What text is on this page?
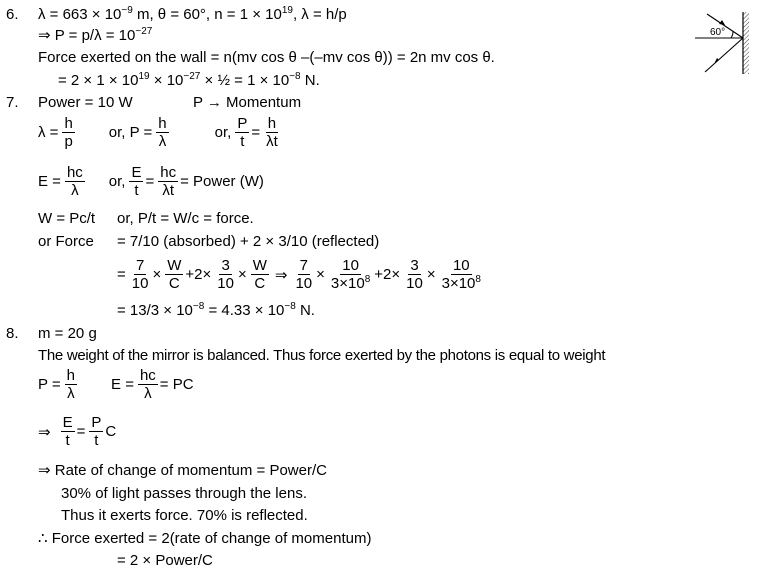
6. $\lambda = 663 \times 10^{-9}$ m, θ = 60°, $n = 1 \times 10^{19}$, λ = h/p
⇒ $P = p/\lambda = 10^{-27}$
Force exerted on the wall = n(mv cos θ –(–mv cos θ)) = 2n mv cos θ.
= $2 \times 1 \times 10^{19} \times 10^{-27}$ × ½ = $1 \times 10^{-8}$ N.
60°
7. Power = 10 W	P → Momentum
$\lambda = \frac{h}{p}$ or, $P = \frac{h}{\lambda}$	or, $\frac{P}{t} = \frac{h}{\lambda t}$
$E = \frac{hc}{\lambda}$ or, $\frac{E}{t} = \frac{hc}{\lambda t}$ = Power (W)
W = Pc/t or, P/t = W/c = force.
or Force = 7/10 (absorbed) + 2 × 3/10 (reflected)
= $\frac{7}{10} \times \frac{W}{C} +2\times \frac{3}{10} \times \frac{W}{C}$ ⇒ $\frac{7}{10} \times \frac{10}{3\times 10^8} +2\times \frac{3}{10} \times \frac{10}{3\times 10^8}$
= $13/3 \times 10^{-8} = 4.33 \times 10^{-8}$ N.
8. m = 20 g
The weight of the mirror is balanced. Thus force exerted by the photons is equal to weight
$P = \frac{h}{\lambda}$ $E = \frac{hc}{\lambda}$ = PC
⇒ $\frac{E}{t} = \frac{P}{t}$ C
⇒ Rate of change of momentum = Power/C
30% of light passes through the lens.
Thus it exerts force. 70% is reflected.
∴ Force exerted = 2(rate of change of momentum)
= 2 × Power/C
